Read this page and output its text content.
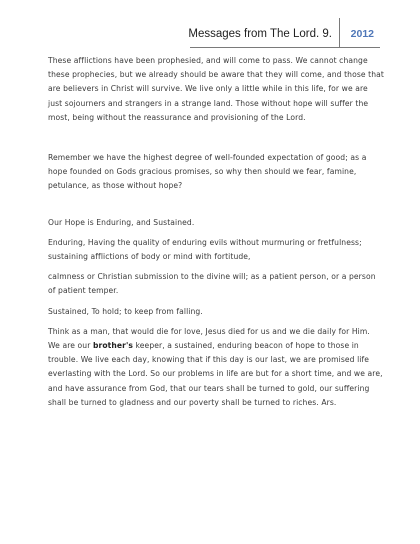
Messages from The Lord. 9. 2012

These afflictions have been prophesied, and will come to pass. We cannot change these prophecies, but we already should be aware that they will come, and those that are believers in Christ will survive. We live only a little while in this life, for we are just sojourners and strangers in a strange land. Those without hope will suffer the most, being without the reassurance and provisioning of the Lord.

Remember we have the highest degree of well-founded expectation of good; as a hope founded on Gods gracious promises, so why then should we fear, famine, petulance, as those without hope?

Our Hope is Enduring, and Sustained.

Enduring, Having the quality of enduring evils without murmuring or fretfulness; sustaining afflictions of body or mind with fortitude,

calmness or Christian submission to the divine will; as a patient person, or a person of patient temper.

Sustained, To hold; to keep from falling.

Think as a man, that would die for love, Jesus died for us and we die daily for Him. We are our brother's keeper, a sustained, enduring beacon of hope to those in trouble. We live each day, knowing that if this day is our last, we are promised life everlasting with the Lord. So our problems in life are but for a short time, and we are, and have assurance from God, that our tears shall be turned to gold, our suffering shall be turned to gladness and our poverty shall be turned to riches. Ars.
